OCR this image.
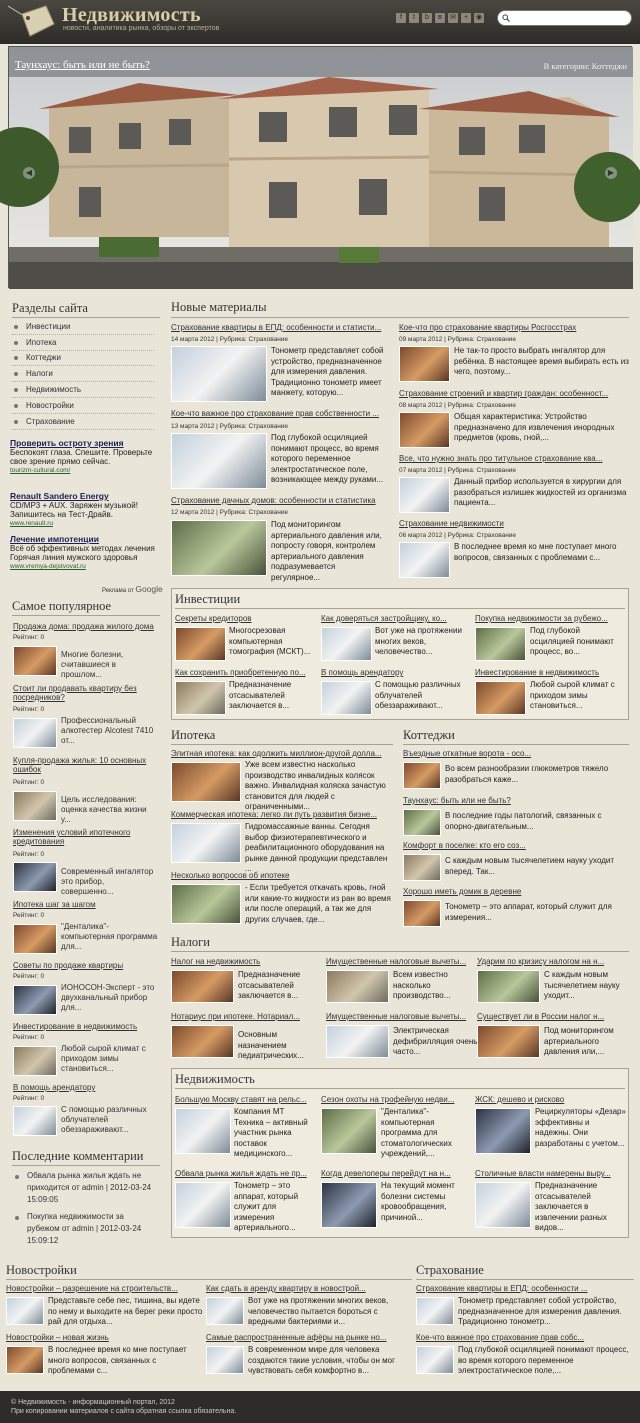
Недвижимость
новости, аналитика рынка, обзоры от экспертов
f	t	b	в	✉	+	◉
Таунхаус: быть или не быть?	В категории: Коттеджи
◀	▶
Разделы сайта
Инвестиции
Ипотека
Коттеджи
Налоги
Недвижимость
Новостройки
Страхование
Проверить остроту зрения
Беспокоят глаза. Спешите. Проверьте свое зрение прямо сейчас.
tourizm-cultural.com/
Renault Sandero Energy
CD/MP3 + AUX. Заряжен музыкой! Запишитесь на Тест-Драйв.
www.renault.ru
Лечение импотенции
Всё об эффективных методах лечения Горячая линия мужского здоровья
www.vremya-dejstvovat.ru
Реклама от Google
Самое популярное
Продажа дома: продажа жилого дома
Рейтинг: 0
Многие болезни, считавшиеся в прошлом...
Стоит ли продавать квартиру без посредников?
Рейтинг: 0
Профессиональный алкотестер Alcotest 7410 от...
Купля-продажа жилья: 10 основных ошибок
Рейтинг: 0
Цель исследования: оценка качества жизни у...
Изменения условий ипотечного кредитования
Рейтинг: 0
Современный ингалятор это прибор, совершенно...
Ипотека шаг за шагом
Рейтинг: 0
"Денталика"- компьютерная программа для...
Советы по продаже квартиры
Рейтинг: 0
ИОНОСОН-Эксперт - это двухканальный прибор для...
Инвестирование в недвижимость
Рейтинг: 0
Любой сырой климат с приходом зимы становиться...
В помощь арендатору
Рейтинг: 0
С помощью различных облучателей обеззараживают...
Последние комментарии
Обвала рынка жилья ждать не приходится от admin | 2012-03-24 15:09:05
Покупка недвижимости за рубежом от admin | 2012-03-24 15:09:12
Новые материалы
Страхование квартиры в ЕПД: особенности и статисти...
14 марта 2012 | Рубрика: Страхование
Тонометр представляет собой устройство, предназначенное для измерения давления. Традиционно тонометр имеет манжету, которую...
Кое-что важное про страхование прав собственности ...
13 марта 2012 | Рубрика: Страхование
Под глубокой осциляцией понимают процесс, во время которого переменное электростатическое поле, возникающее между руками...
Страхование дачных домов: особенности и статистика
12 марта 2012 | Рубрика: Страхование
Под мониторингом артериального давления или, попросту говоря, контролем артериального давления подразумевается регулярное...
Кое-что про страхование квартиры Росгосстрах
09 марта 2012 | Рубрика: Страхование
Не так-то просто выбрать ингалятор для ребёнка. В настоящее время выбирать есть из чего, поэтому...
Страхование строений и квартир граждан: особенност...
08 марта 2012 | Рубрика: Страхование
Общая характеристика: Устройство предназначено для извлечения инородных предметов (кровь, гной,...
Все, что нужно знать про титульное страхование ква...
07 марта 2012 | Рубрика: Страхование
Данный прибор используется в хирургии для разобраться излишек жидкостей из организма пациента...
Страхование недвижимости
06 марта 2012 | Рубрика: Страхование
В последнее время ко мне поступает много вопросов, связанных с проблемами с...
Инвестиции
Секреты кредиторов
Многосрезовая компьютерная томография (МСКТ)...
Как доверяться застройщику, ко...
Вот уже на протяжении многих веков, человечество...
Покупка недвижимости за рубежо...
Под глубокой осциляцией понимают процесс, во...
Как сохранить приобретенную по...
Предназначение отсасывателей заключается в...
В помощь арендатору
С помощью различных облучателей обеззараживают...
Инвестирование в недвижимость
Любой сырой климат с приходом зимы становиться...
Ипотека
Элитная ипотека: как одолжить миллион-другой долла...
Уже всем известно насколько производство инвалидных колясок важно. Инвалидная коляска зачастую становится для людей с ограниченными...
Коммерческая ипотека: легко ли путь развития бизне...
Гидромассажные ванны. Сегодня выбор физиотерапевтического и реабилитационного оборудования на рынке данной продукции представлен ...
Несколько вопросов об ипотеке
- Если требуется откачать кровь, гной или какие-то жидкости из ран во время или после операций, а так же для других случаев, где...
Коттеджи
Въездные откатные ворота - осо...
Во всем разнообразии глюкометров тяжело разобраться каже...
Таунхаус: быть или не быть?
В последние годы патологий, связанных с опорно-двигательным...
Комфорт в поселке: кто его соз...
С каждым новым тысячелетием науку уходит вперед. Так...
Хорошо иметь домик в деревне
Тонометр – это аппарат, который служит для измерения...
Налоги
Налог на недвижимость
Предназначение отсасывателей заключается в...
Имущественные налоговые вычеты...
Всем известно насколько производство...
Ударим по кризису налогом на н...
С каждым новым тысячелетием науку уходит...
Нотариус при ипотеке. Нотариал...
Основным назначением педиатрических...
Имущественные налоговые вычеты...
Электрическая дефибрилляция очень часто...
Существует ли в России налог н...
Под мониторингом артериального давления или,...
Недвижимость
Большую Москву ставят на рельс...
Компания МТ Техника – активный участник рынка поставок медицинского...
Сезон охоты на трофейную недви...
"Денталика"- компьютерная программа для стоматологических учреждений,...
ЖСК: дешево и рисково
Рециркуляторы «Дезар» эффективны и надежны. Они разработаны с учетом...
Обвала рынка жилья ждать не пр...
Тонометр – это аппарат, который служит для измерения артериального...
Когда девелоперы перейдут на н...
На текущий момент болезни системы кровообращения, причиной...
Столичные власти намерены выру...
Предназначение отсасывателей заключается в извлечении разных видов...
Новостройки
Новостройки – разрешение на строительств...
Представьте себе пес, тишина, вы идете по нему и выходите на берег реки просто рай для отдыха...
Как сдать в аренду квартиру в новострой...
Вот уже на протяжении многих веков, человечество пытается бороться с вредными бактериями и...
Новостройки – новая жизнь
В последнее время ко мне поступает много вопросов, связанных с проблемами с...
Самые распространенные афёры на рынке но...
В современном мире для человека создаются такие условия, чтобы он мог чувствовать себя комфортно в...
Страхование
Страхование квартиры в ЕПД: особенности ...
Тонометр представляет собой устройство, предназначенное для измерения давления. Традиционно тонометр...
Кое-что важное про страхование прав собс...
Под глубокой осциляцией понимают процесс, во время которого переменное электростатическое поле,...
© Недвижимость - информационный портал, 2012
При копировании материалов с сайта обратная ссылка обязательна.
